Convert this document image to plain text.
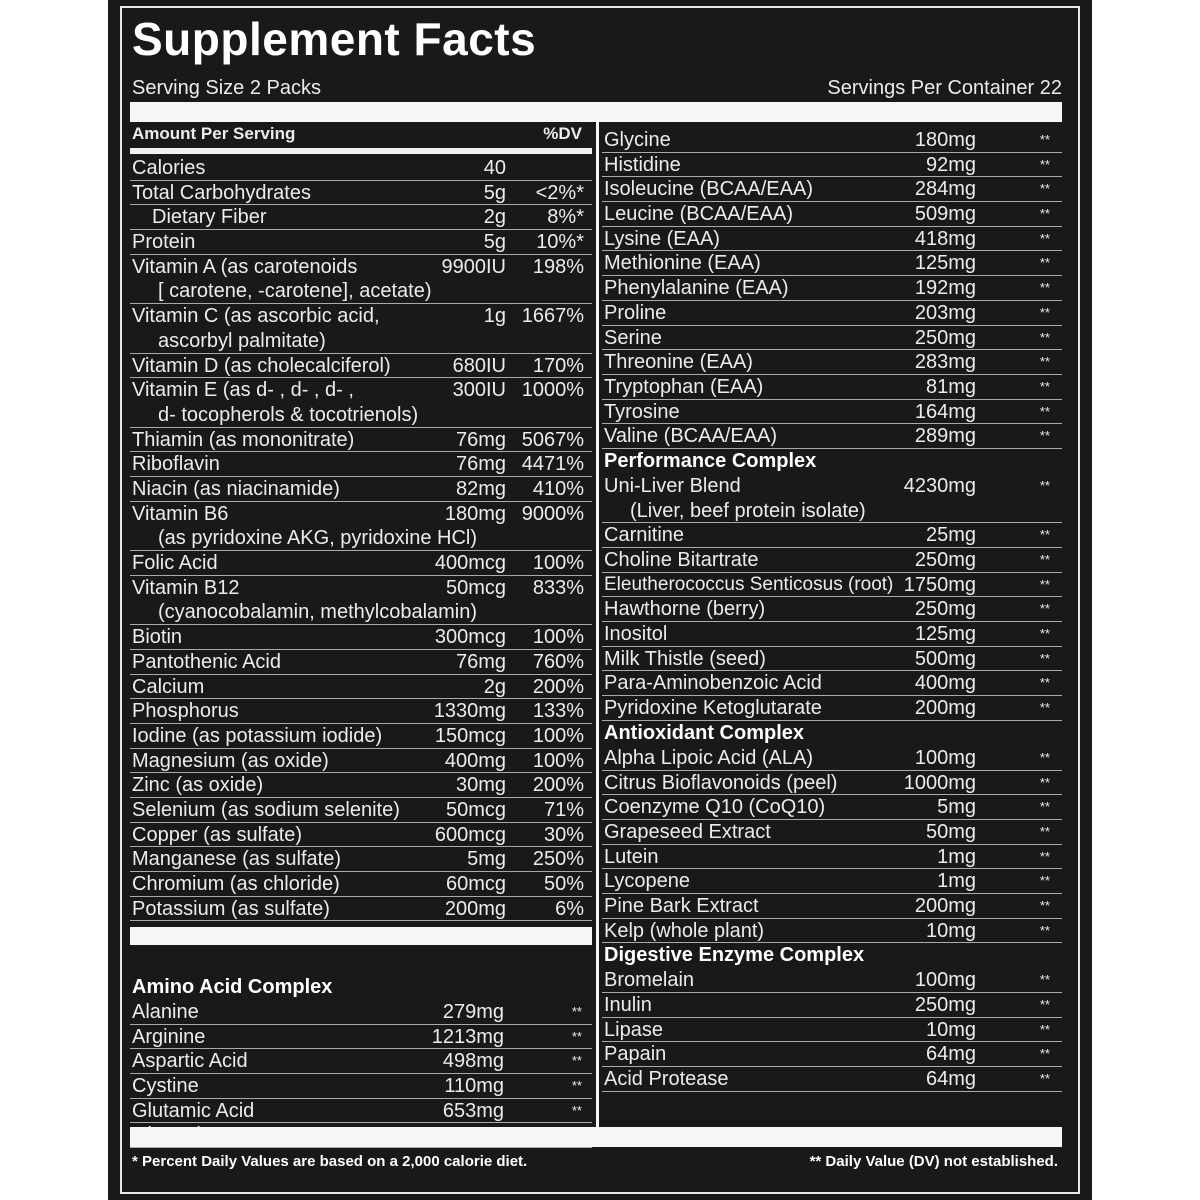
Supplement Facts
Serving Size 2 Packs	Servings Per Container 22
Amount Per Serving	%DV
Calories	40
Total Carbohydrates	5g <2%*
Dietary Fiber	2g 8%*
Protein	5g 10%*
Vitamin A (as carotenoids
[ carotene, -carotene], acetate)
9900IU 198%
Vitamin C (as ascorbic acid,
ascorbyl palmitate)
1g 1667%
Vitamin D (as cholecalciferol)	680IU 170%
Vitamin E (as d- , d- , d- ,
d- tocopherols & tocotrienols)
300IU 1000%
Thiamin (as mononitrate)	76mg 5067%
Riboflavin	76mg 4471%
Niacin (as niacinamide)	82mg 410%
Vitamin B6
(as pyridoxine AKG, pyridoxine HCl)
180mg 9000%
Folic Acid	400mcg 100%
Vitamin B12
(cyanocobalamin, methylcobalamin)
50mcg 833%
Biotin	300mcg 100%
Pantothenic Acid	76mg 760%
Calcium	2g 200%
Phosphorus	1330mg 133%
Iodine (as potassium iodide)	150mcg 100%
Magnesium (as oxide)	400mg 100%
Zinc (as oxide)	30mg 200%
Selenium (as sodium selenite) 50mcg 71%
Copper (as sulfate)	600mcg 30%
Manganese (as sulfate)	5mg 250%
Chromium (as chloride)	60mcg 50%
Potassium (as sulfate)	200mg 6%
Amino Acid Complex
Alanine	279mg	**
Arginine	1213mg	**
Aspartic Acid	498mg	**
Cystine	110mg	**
Glutamic Acid	653mg	**
Glycine	180mg	**
Histidine	92mg	**
Isoleucine (BCAA/EAA)	284mg	**
Leucine (BCAA/EAA)	509mg	**
Lysine (EAA)	418mg	**
Methionine (EAA)	125mg	**
Phenylalanine (EAA)	192mg	**
Proline	203mg	**
Serine	250mg	**
Threonine (EAA)	283mg	**
Tryptophan (EAA)	81mg	**
Tyrosine	164mg	**
Valine (BCAA/EAA)	289mg	**
Performance Complex
Uni-Liver Blend
(Liver, beef protein isolate)
4230mg	**
Carnitine	25mg	**
Choline Bitartrate	250mg	**
Eleutherococcus Senticosus (root) 1750mg	**
Hawthorne (berry)	250mg	**
Inositol	125mg	**
Milk Thistle (seed)	500mg	**
Para-Aminobenzoic Acid	400mg	**
Pyridoxine Ketoglutarate	200mg	**
Antioxidant Complex
Alpha Lipoic Acid (ALA)	100mg	**
Citrus Bioflavonoids (peel)	1000mg	**
Coenzyme Q10 (CoQ10)	5mg	**
Grapeseed Extract	50mg	**
Lutein	1mg	**
Lycopene	1mg	**
Pine Bark Extract	200mg	**
Kelp (whole plant)	10mg	**
Digestive Enzyme Complex
Bromelain	100mg	**
Inulin	250mg	**
Lipase	10mg	**
Papain	64mg	**
Acid Protease	64mg	**
* Percent Daily Values are based on a 2,000 calorie diet.	** Daily Value (DV) not established.
